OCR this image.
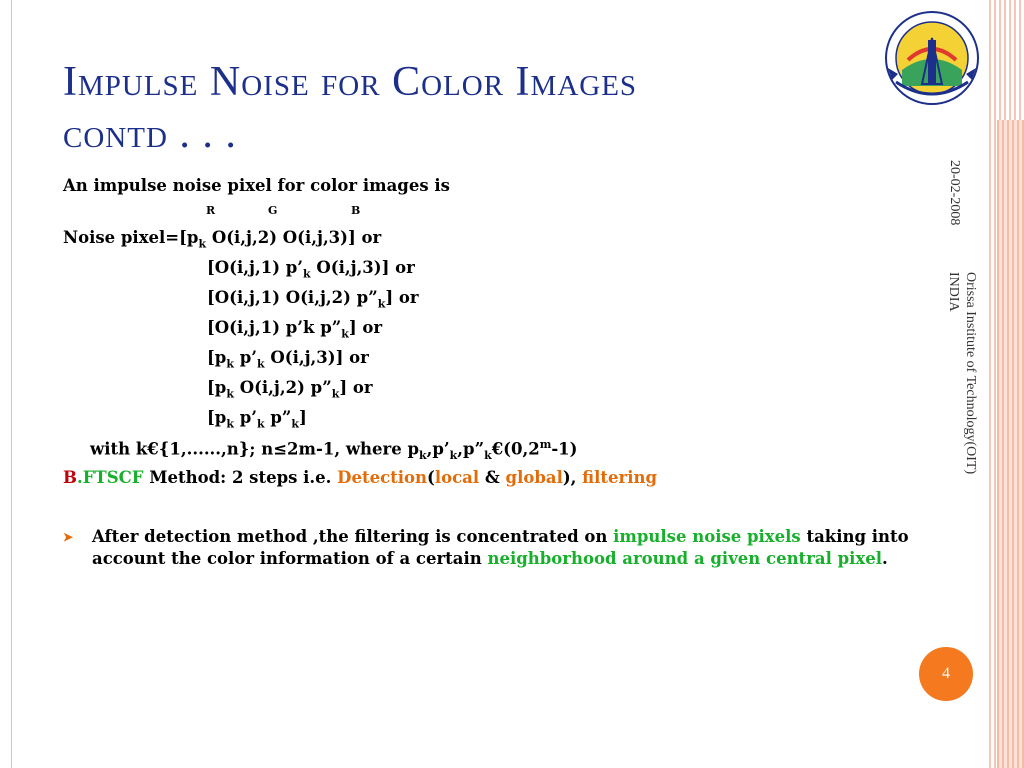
Impulse Noise for Color Images
contd . . .
20-02-2008
Orissa Institute of Technology(OIT)
INDIA
An impulse noise pixel for color images is
R	G	B
Noise $pixel=[p_k$ O(i,j,2) O(i,j,3)] or
[O(i,j,1) $p’_k$ O(i,j,3)] or
[O(i,j,1) O(i,j,2) $p”_k$] or
[O(i,j,1) p’k $p”_k$] or
[$p_k$ $p’_k$ O(i,j,3)] or
[$p_k$ O(i,j,2) $p”_k$] or
[$p_k$ $p’_k$ $p”_k$]
with k€{1,......,n}; n≤2m-1, where $p_k,p’_k,p”_k€(0,2^m-1)$
B.FTSCF Method: 2 steps i.e. Detection(local & global), filtering
➤ After detection method ,the filtering is concentrated on impulse noise pixels taking into account the color information of a certain neighborhood around a given central pixel.
4
